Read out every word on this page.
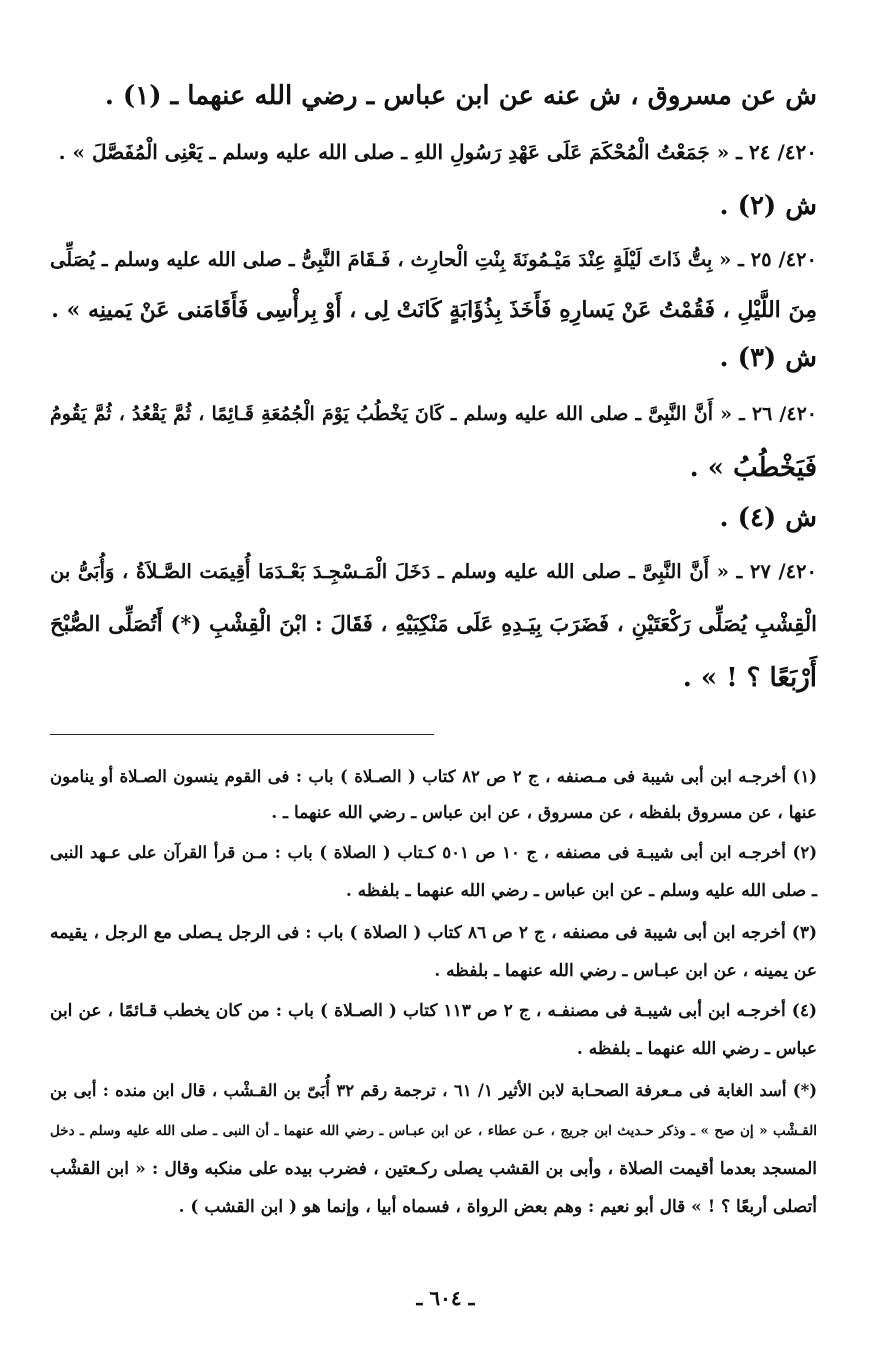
ش عن مسروق ، ش عنه عن ابن عباس ـ رضي الله عنهما ـ (١) .
٤٢٠/ ٢٤ ـ « جَمَعْتُ الْمُحْكَمَ عَلَى عَهْدِ رَسُولِ اللهِ ـ صلى الله عليه وسلم ـ يَعْنِى الْمُفَصَّلَ » .
ش (٢) .
٤٢٠/ ٢٥ ـ « بِتُّ ذَاتَ لَيْلَةٍ عِنْدَ مَيْـمُونَةَ بِنْتِ الْحارِث ، فَـقَامَ النَّبِىُّ ـ صلى الله عليه وسلم ـ يُصَلِّى
مِنَ اللَّيْلِ ، فَقُمْتُ عَنْ يَسارِهِ فَأَخَذَ بِذُؤَابَةٍ كَانَتْ لِى ، أَوْ بِرأْسِى فَأَقَامَنى عَنْ يَمينِه » .
ش (٣) .
٤٢٠/ ٢٦ ـ « أَنَّ النَّبِىَّ ـ صلى الله عليه وسلم ـ كَانَ يَخْطُبُ يَوْمَ الْجُمُعَةِ قَـائِمًا ، ثُمَّ يَقْعُدُ ، ثُمَّ يَقُومُ
فَيَخْطُبُ » .
ش (٤) .
٤٢٠/ ٢٧ ـ « أَنَّ النَّبِىَّ ـ صلى الله عليه وسلم ـ دَخَلَ الْمَـسْجِـدَ بَعْـدَمَا أُقِيمَت الصَّـلاَةُ ، وَأُبَىُّ بن
الْقِشْبِ يُصَلِّى رَكْعَتَيْنِ ، فَضَرَبَ بِيَـدِهِ عَلَى مَنْكِبَيْهِ ، فَقَالَ : ابْنَ الْقِشْبِ (*) أَتُصَلِّى الصُّبْحَ
أَرْبَعًا ؟ ! » .
(١) أخرجـه ابن أبى شيبة فى مـصنفه ، ج ٢ ص ٨٢ كتاب ( الصـلاة ) باب : فى القوم ينسون الصـلاة أو ينامون
عنها ، عن مسروق بلفظه ، عن مسروق ، عن ابن عباس ـ رضي الله عنهما ـ .
(٢) أخرجـه ابن أبى شيبـة فى مصنفه ، ج ١٠ ص ٥٠١ كـتاب ( الصلاة ) باب : مـن قرأ القرآن على عـهد النبى
ـ صلى الله عليه وسلم ـ عن ابن عباس ـ رضي الله عنهما ـ بلفظه .
(٣) أخرجه ابن أبى شيبة فى مصنفه ، ج ٢ ص ٨٦ كتاب ( الصلاة ) باب : فى الرجل يـصلى مع الرجل ، يقيمه
عن يمينه ، عن ابن عبـاس ـ رضي الله عنهما ـ بلفظه .
(٤) أخرجـه ابن أبى شيبـة فى مصنفـه ، ج ٢ ص ١١٣ كتاب ( الصـلاة ) باب : من كان يخطب قـائمًا ، عن ابن
عباس ـ رضي الله عنهما ـ بلفظه .
(*) أسد الغابة فى مـعرفة الصحـابة لابن الأثير ١/ ٦١ ، ترجمة رقم ٣٢ أُبَىّ بن القـشْب ، قال ابن منده : أبى بن
القـشْب « إن صح » ـ وذكر حـديث ابن جريج ، عـن عطاء ، عن ابن عبـاس ـ رضي الله عنهما ـ أن النبى ـ صلى الله عليه وسلم ـ دخل
المسجد بعدما أقيمت الصلاة ، وأبى بن القشب يصلى ركـعتين ، فضرب بيده على منكبه وقال : « ابن القشْب
أتصلى أربعًا ؟ ! » قال أبو نعيم : وهم بعض الرواة ، فسماه أبيا ، وإنما هو ( ابن القشب ) .
ـ ٦٠٤ ـ
